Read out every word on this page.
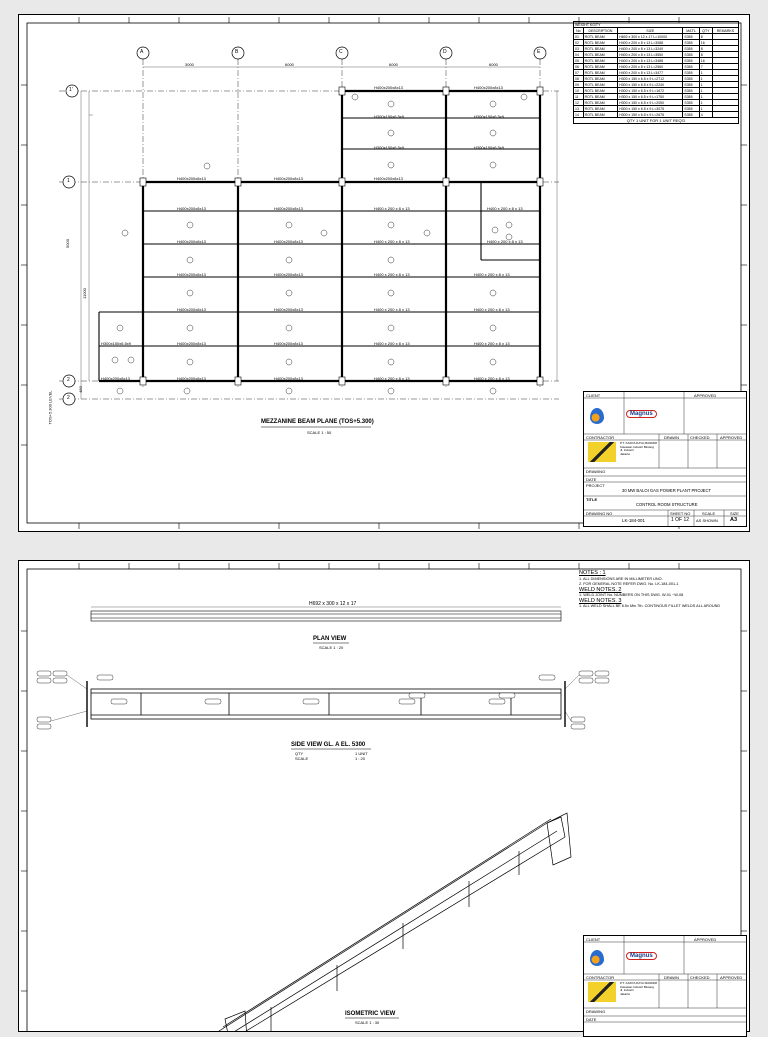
A	B	C	D	E
1'
1
2
2
3000	6000	6000	6000
H400x200x8x13	H400x200x8x13
H300x150x6.5x9	H300x150x6.5x9
H300x150x6.5x9	H300x150x6.5x9
H400x200x8x13	H400x200x8x13	H400x200x8x13
H400x200x8x13	H400x200x8x13	H400 x 200 x 8 x 13	H400 x 200 x 8 x 13
H400x200x8x13	H400x200x8x13	H400 x 200 x 8 x 13	H400 x 200 x 8 x 13
H400x200x8x13	H400x200x8x13	H400 x 200 x 8 x 13	H400 x 200 x 8 x 13
H400x200x8x13	H400x200x8x13	H400 x 200 x 8 x 13	H400 x 200 x 8 x 13
H400x200x8x13	H400x200x8x13	H400 x 200 x 8 x 13	H400 x 200 x 8 x 13
H300x150x6.5x9
H400x200x8x13	H400x200x8x13	H400x200x8x13	H400 x 200 x 8 x 13	H400 x 200 x 8 x 13
5000
11000
480
TOS+5.300 LEVEL	MEZZANINE BEAM PLANE (TOS+5.300)
SCALE 1 : 50
WEIGHT KG/TY					
No	DESCRIPTION	SIZE	MAT'L	QTY	REMARKS
01	ROTL BEAM	H692 x 300 x 12 x 17 L=10000	S355	8	
02	ROTL BEAM	H400 x 200 x 8 x 13 L=3088	S355	16	
03	ROTL BEAM	H400 x 200 x 8 x 13 L=3240	S355	8	
04	ROTL BEAM	H400 x 200 x 8 x 13 L=3550	S355	8	
05	ROTL BEAM	H400 x 200 x 8 x 13 L=3488	S355	16	
06	ROTL BEAM	H400 x 200 x 8 x 13 L=2560	S355	7	
07	ROTL BEAM	H400 x 200 x 8 x 13 L=3477	S355	1	
08	ROTL BEAM	H300 x 150 x 6.5 x 9 L=2712	S355	1	
09	ROTL BEAM	H300 x 150 x 6.5 x 9 L=2240	S355	1	
10	ROTL BEAM	H300 x 150 x 6.5 x 9 L=1672	S355	1	
11	ROTL BEAM	H300 x 150 x 6.5 x 9 L=1750	S355	1	
12	ROTL BEAM	H300 x 150 x 6.5 x 9 L=2050	S355	1	
13	ROTL BEAM	H300 x 150 x 6.5 x 9 L=3075	S355	1	
14	ROTL BEAM	H300 x 150 x 6.5 x 9 L=2675	S355	4	
QTY 1 UNIT FOR 1 UNIT REQ'D					
CLIENT	APPROVED
Magnus
CONTRACTOR	DRAWN	CHECKED	APPROVED
P.T. KARYA DAYA MANDIRI
Kawasan Industri Bintang
Jl. Industri
Jakarta
DRAWING
DATE
PROJECT
30 MW BALOI GAS POWER PLANT PROJECT
TITLE
CONTROL ROOM STRUCTURE
DRAWING NO	SHEET NO	SCALE	SIZE
LK-184-001	1 OF 12 AS SHOWN A3
H692 x 300 x 12 x 17
PLAN VIEW
SCALE 1 : 20
SIDE VIEW GL. A EL. 5300
QTY	1 UNIT
SCALE	1 : 20
ISOMETRIC VIEW
SCALE 1 : 30
NOTES : 1
1. ALL DIMENSIONS ARE IN MILLIMETER UNO.
2. FOR GENERAL NOTE REFER DWG. No. LK-184-001-1
WELD NOTES. 2
1. WELD JOINT No. NUMBERS ON THIS DWG. W-01 ~W-08
WELD NOTES. 3
1. ALL WELD SHALL BE 6.5x Min 7th. CONTINOUS FILLET WELDS ALL AROUND
CLIENT	APPROVED
Magnus
CONTRACTOR	DRAWN	CHECKED	APPROVED
P.T. KARYA DAYA MANDIRI
Kawasan Industri Bintang
Jl. Industri
Jakarta
DRAWING
DATE
